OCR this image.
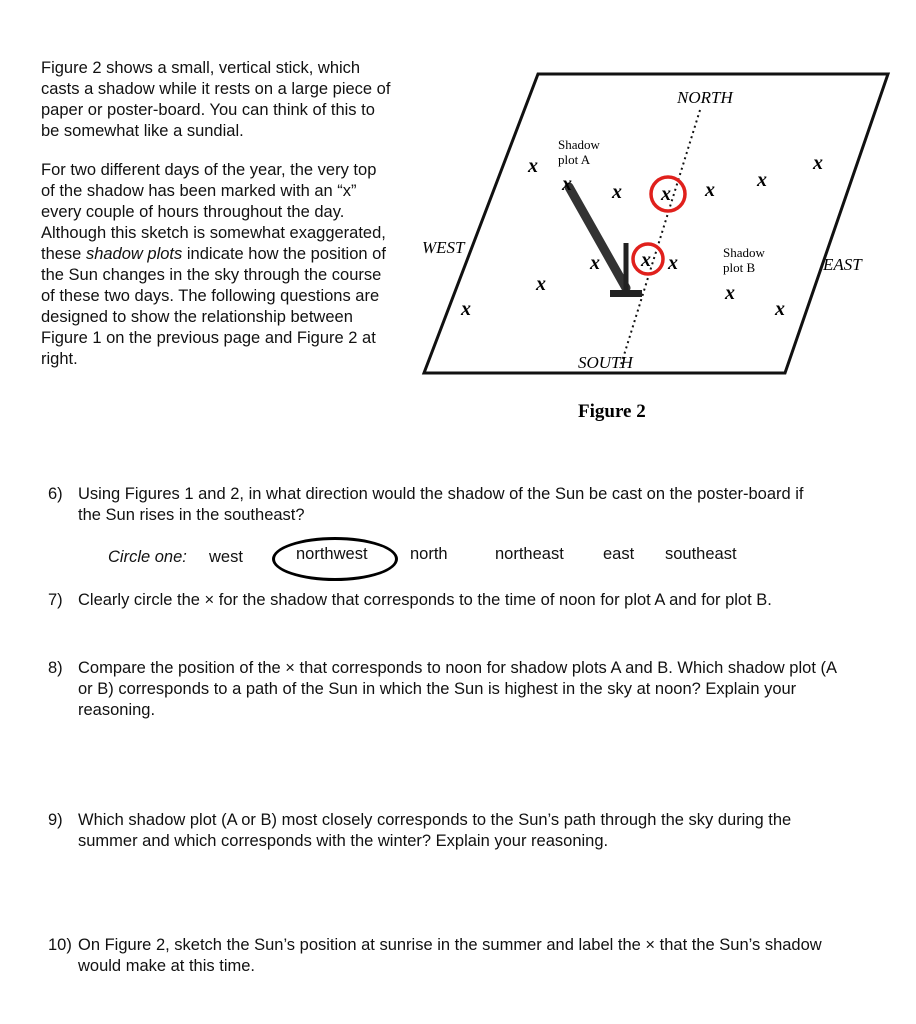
Figure 2 shows a small, vertical stick, which casts a shadow while it rests on a large piece of paper or poster-board. You can think of this to be somewhat like a sundial.

For two different days of the year, the very top of the shadow has been marked with an “x” every couple of hours throughout the day. Although this sketch is somewhat exaggerated, these shadow plots indicate how the position of the Sun changes in the sky through the course of these two days. The following questions are designed to show the relationship between Figure 1 on the previous page and Figure 2 at right.

NORTH
SOUTH
WEST
EAST
Shadow
plot A
Shadow
plot B
x
x x x x x
x
x
x
x x x
x
x
Figure 2
6) Using Figures 1 and 2, in what direction would the shadow of the Sun be cast on the poster-board if the Sun rises in the southeast?
Circle one: west	northwest	north	northeast east southeast
7) Clearly circle the × for the shadow that corresponds to the time of noon for plot A and for plot B.
8) Compare the position of the × that corresponds to noon for shadow plots A and B. Which shadow plot (A or B) corresponds to a path of the Sun in which the Sun is highest in the sky at noon? Explain your reasoning.
9) Which shadow plot (A or B) most closely corresponds to the Sun’s path through the sky during the summer and which corresponds with the winter? Explain your reasoning.
10) On Figure 2, sketch the Sun’s position at sunrise in the summer and label the × that the Sun’s shadow would make at this time.
